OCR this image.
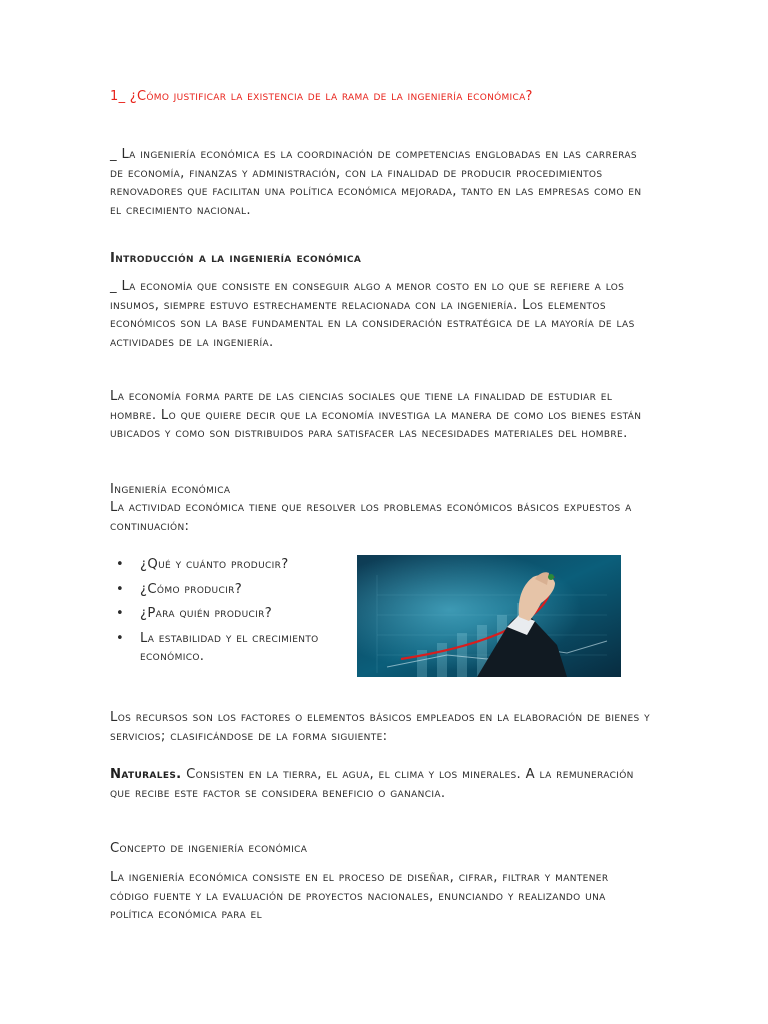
1_ ¿Cómo justificar la existencia de la rama de la ingeniería económica?

_ La ingeniería económica es la coordinación de competencias englobadas en las carreras de economía, finanzas y administración, con la finalidad de producir procedimientos renovadores que facilitan una política económica mejorada, tanto en las empresas como en el crecimiento nacional.

Introducción a la ingeniería económica

_ La economía que consiste en conseguir algo a menor costo en lo que se refiere a los insumos, siempre estuvo estrechamente relacionada con la ingeniería. Los elementos económicos son la base fundamental en la consideración estratégica de la mayoría de las actividades de la ingeniería.

La economía forma parte de las ciencias sociales que tiene la finalidad de estudiar el hombre. Lo que quiere decir que la economía investiga la manera de como los bienes están ubicados y como son distribuidos para satisfacer las necesidades materiales del hombre.

Ingeniería económica

La actividad económica tiene que resolver los problemas económicos básicos expuestos a continuación:

• ¿Qué y cuánto producir?
• ¿Cómo producir?
• ¿Para quién producir?
• La estabilidad y el crecimiento económico.

Los recursos son los factores o elementos básicos empleados en la elaboración de bienes y servicios; clasificándose de la forma siguiente:

Naturales. Consisten en la tierra, el agua, el clima y los minerales. A la remuneración que recibe este factor se considera beneficio o ganancia.

Concepto de ingeniería económica

La ingeniería económica consiste en el proceso de diseñar, cifrar, filtrar y mantener código fuente y la evaluación de proyectos nacionales, enunciando y realizando una política económica para el
